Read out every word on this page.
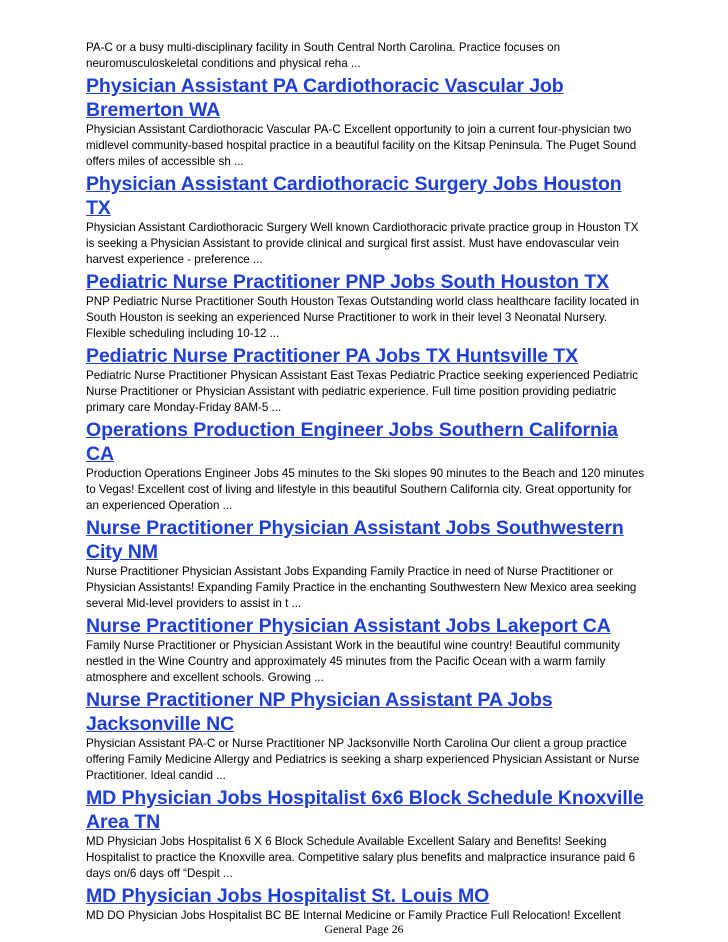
PA-C or a busy multi-disciplinary facility in South Central North Carolina. Practice focuses on neuromusculoskeletal conditions and physical reha ...

Physician Assistant PA Cardiothoracic Vascular Job Bremerton WA

Physician Assistant Cardiothoracic Vascular PA-C Excellent opportunity to join a current four-physician two midlevel community-based hospital practice in a beautiful facility on the Kitsap Peninsula. The Puget Sound offers miles of accessible sh ...

Physician Assistant Cardiothoracic Surgery Jobs Houston TX

Physician Assistant Cardiothoracic Surgery Well known Cardiothoracic private practice group in Houston TX is seeking a Physician Assistant to provide clinical and surgical first assist. Must have endovascular vein harvest experience - preference ...

Pediatric Nurse Practitioner PNP Jobs South Houston TX

PNP Pediatric Nurse Practitioner South Houston Texas Outstanding world class healthcare facility located in South Houston is seeking an experienced Nurse Practitioner to work in their level 3 Neonatal Nursery. Flexible scheduling including 10-12 ...

Pediatric Nurse Practitioner PA Jobs TX Huntsville TX

Pediatric Nurse Practitioner Physican Assistant East Texas Pediatric Practice seeking experienced Pediatric Nurse Practitioner or Physician Assistant with pediatric experience. Full time position providing pediatric primary care Monday-Friday 8AM-5 ...

Operations Production Engineer Jobs Southern California CA

Production Operations Engineer Jobs 45 minutes to the Ski slopes 90 minutes to the Beach and 120 minutes to Vegas! Excellent cost of living and lifestyle in this beautiful Southern California city. Great opportunity for an experienced Operation ...

Nurse Practitioner Physician Assistant Jobs Southwestern City NM

Nurse Practitioner Physician Assistant Jobs Expanding Family Practice in need of Nurse Practitioner or Physician Assistants! Expanding Family Practice in the enchanting Southwestern New Mexico area seeking several Mid-level providers to assist in t ...

Nurse Practitioner Physician Assistant Jobs Lakeport CA

Family Nurse Practitioner or Physician Assistant Work in the beautiful wine country! Beautiful community nestled in the Wine Country and approximately 45 minutes from the Pacific Ocean with a warm family atmosphere and excellent schools. Growing ...

Nurse Practitioner NP Physician Assistant PA Jobs Jacksonville NC

Physician Assistant PA-C or Nurse Practitioner NP Jacksonville North Carolina Our client a group practice offering Family Medicine Allergy and Pediatrics is seeking a sharp experienced Physician Assistant or Nurse Practitioner. Ideal candid ...

MD Physician Jobs Hospitalist 6x6 Block Schedule Knoxville Area TN

MD Physician Jobs Hospitalist 6 X 6 Block Schedule Available Excellent Salary and Benefits! Seeking Hospitalist to practice the Knoxville area. Competitive salary plus benefits and malpractice insurance paid 6 days on/6 days off “Despit ...

MD Physician Jobs Hospitalist St. Louis MO

MD DO Physician Jobs Hospitalist BC BE Internal Medicine or Family Practice Full Relocation! Excellent

General Page 26
